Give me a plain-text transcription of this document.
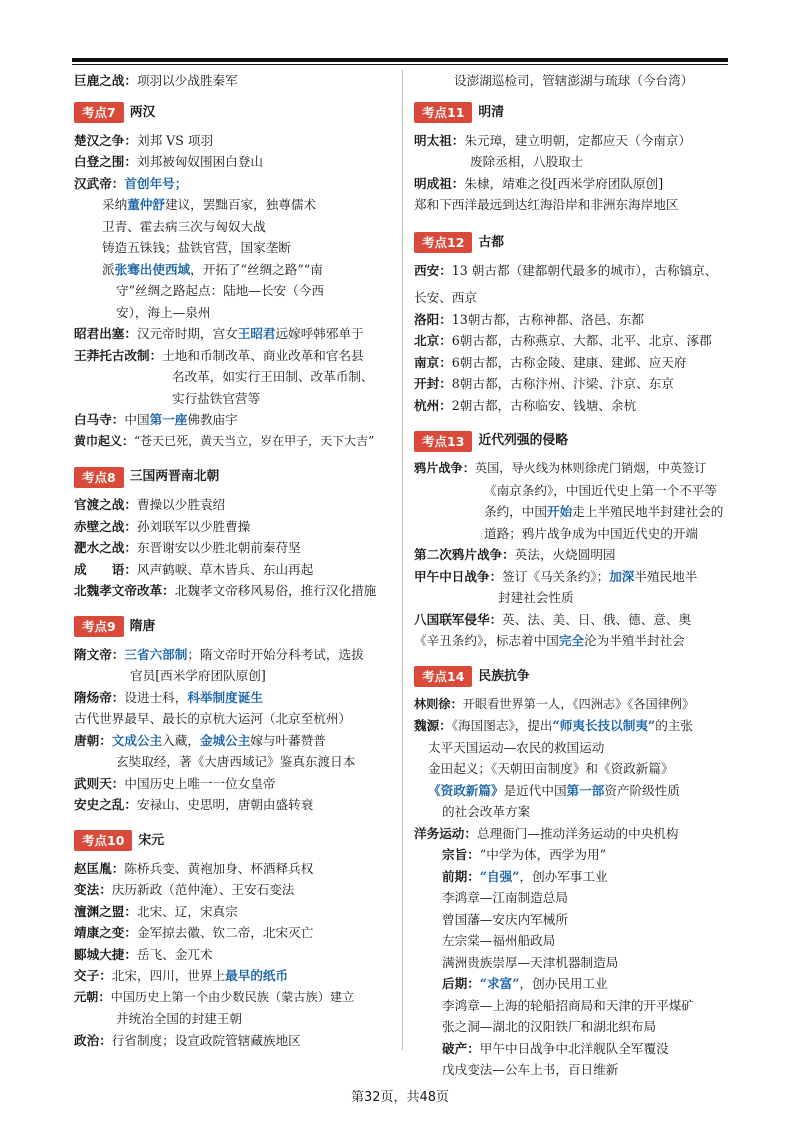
巨鹿之战：项羽以少战胜秦军
考点7	两汉
楚汉之争：刘邦 VS 项羽
白登之围：刘邦被匈奴围困白登山
汉武帝：首创年号；
采纳董仲舒建议，罢黜百家，独尊儒术
卫青、霍去病三次与匈奴大战
铸造五铢钱；盐铁官营，国家垄断
派张骞出使西域，开拓了“丝绸之路”“南
守”丝绸之路起点：陆地—长安（今西
安），海上—泉州
昭君出塞：汉元帝时期，宫女王昭君远嫁呼韩邪单于
王莽托古改制：土地和币制改革、商业改革和官名县
名改革，如实行王田制、改革币制、
实行盐铁官营等
白马寺：中国第一座佛教庙宇
黄巾起义：“苍天已死，黄天当立，岁在甲子，天下大吉”
考点8	三国两晋南北朝
官渡之战：曹操以少胜袁绍
赤壁之战：孙刘联军以少胜曹操
淝水之战：东晋谢安以少胜北朝前秦苻坚
成　　语：风声鹤唳、草木皆兵、东山再起
北魏孝文帝改革：北魏孝文帝移风易俗，推行汉化措施
考点9	隋唐
隋文帝：三省六部制；隋文帝时开始分科考试，选拔
官员[西米学府团队原创]
隋炀帝：设进士科，科举制度诞生
古代世界最早、最长的京杭大运河（北京至杭州）
唐朝：文成公主入藏，金城公主嫁与叶蕃赞普
玄奘取经，著《大唐西域记》鉴真东渡日本
武则天：中国历史上唯一一位女皇帝
安史之乱：安禄山、史思明，唐朝由盛转衰
考点10	宋元
赵匡胤：陈桥兵变、黄袍加身、杯酒释兵权
变法：庆历新政（范仲淹）、王安石变法
澶渊之盟：北宋、辽，宋真宗
靖康之变：金军掠去徽、钦二帝，北宋灭亡
郾城大捷：岳飞、金兀术
交子：北宋，四川，世界上最早的纸币
元朝：中国历史上第一个由少数民族（蒙古族）建立
并统治全国的封建王朝
政治：行省制度；设宣政院管辖藏族地区
设澎湖巡检司，管辖澎湖与琉球（今台湾）
考点11	明清
明太祖：朱元璋，建立明朝，定都应天（今南京）
废除丞相，八股取士
明成祖：朱棣，靖难之役[西米学府团队原创]
郑和下西洋最远到达红海沿岸和非洲东海岸地区
考点12	古都
西安：13 朝古都（建都朝代最多的城市），古称镐京、
长安、西京
洛阳：13朝古都，古称神都、洛邑、东都
北京：6朝古都，古称燕京、大都、北平、北京、涿郡
南京：6朝古都，古称金陵、建康、建邺、应天府
开封：8朝古都，古称汴州、汴梁、汴京、东京
杭州：2朝古都，古称临安、钱塘、余杭
考点13	近代列强的侵略
鸦片战争：英国，导火线为林则徐虎门销烟，中英签订
《南京条约》，中国近代史上第一个不平等
条约，中国开始走上半殖民地半封建社会的
道路；鸦片战争成为中国近代史的开端
第二次鸦片战争：英法，火烧圆明园
甲午中日战争：签订《马关条约》；加深半殖民地半
封建社会性质
八国联军侵华：英、法、美、日、俄、德、意、奥
《辛丑条约》，标志着中国完全沦为半殖半封社会
考点14	民族抗争
林则徐：开眼看世界第一人，《四洲志》《各国律例》
魏源：《海国图志》，提出“师夷长技以制夷”的主张
太平天国运动—农民的救国运动
金田起义；《天朝田亩制度》和《资政新篇》
《资政新篇》是近代中国第一部资产阶级性质
的社会改革方案
洋务运动：总理衙门—推动洋务运动的中央机构
宗旨：“中学为体，西学为用”
前期：“自强”，创办军事工业
李鸿章—江南制造总局
曾国藩—安庆内军械所
左宗棠—福州船政局
满洲贵族崇厚—天津机器制造局
后期：“求富”，创办民用工业
李鸿章—上海的轮船招商局和天津的开平煤矿
张之洞—湖北的汉阳铁厂和湖北织布局
破产：甲午中日战争中北洋舰队全军覆没
戊戌变法—公车上书，百日维新
第32页，共48页
